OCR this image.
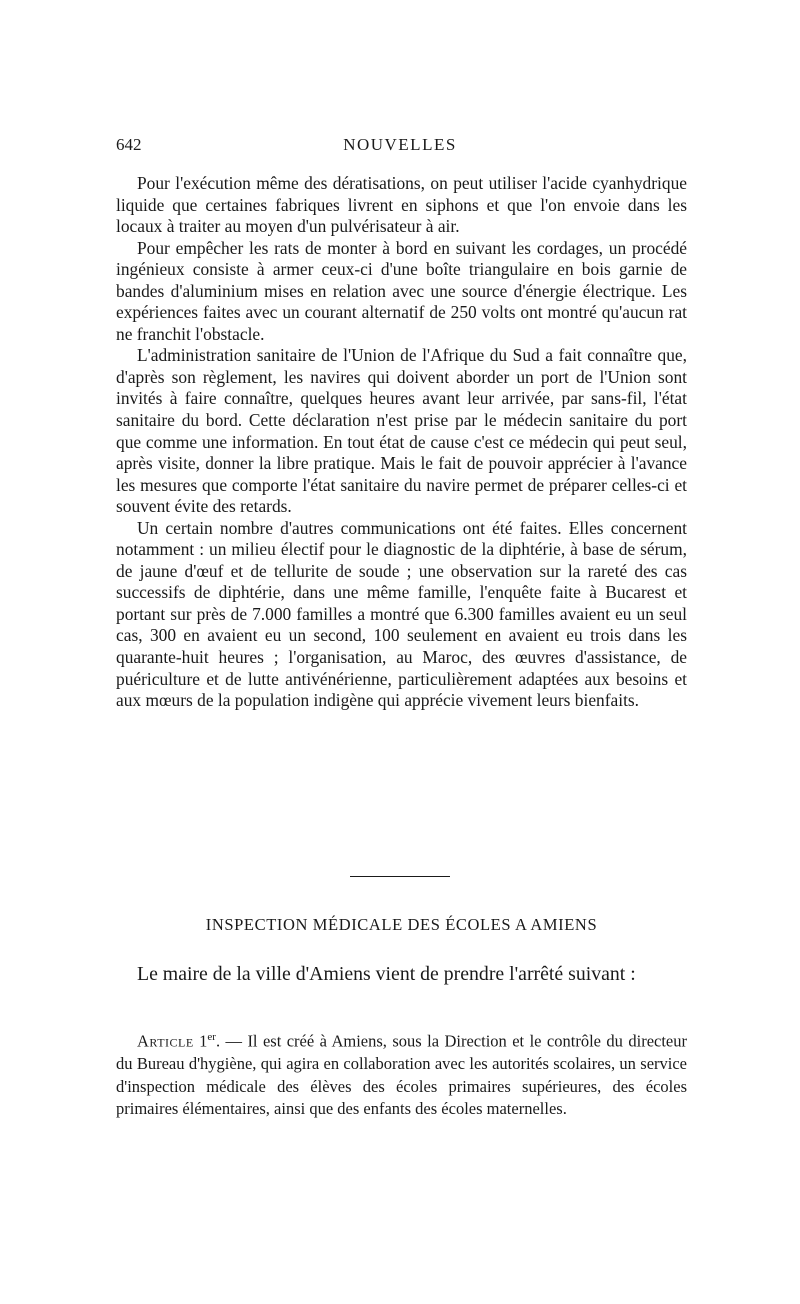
642	NOUVELLES

Pour l'exécution même des dératisations, on peut utiliser l'acide cyanhydrique liquide que certaines fabriques livrent en siphons et que l'on envoie dans les locaux à traiter au moyen d'un pulvérisateur à air.

Pour empêcher les rats de monter à bord en suivant les cordages, un procédé ingénieux consiste à armer ceux-ci d'une boîte triangulaire en bois garnie de bandes d'aluminium mises en relation avec une source d'énergie électrique. Les expériences faites avec un courant alternatif de 250 volts ont montré qu'aucun rat ne franchit l'obstacle.

L'administration sanitaire de l'Union de l'Afrique du Sud a fait connaître que, d'après son règlement, les navires qui doivent aborder un port de l'Union sont invités à faire connaître, quelques heures avant leur arrivée, par sans-fil, l'état sanitaire du bord. Cette déclaration n'est prise par le médecin sanitaire du port que comme une information. En tout état de cause c'est ce médecin qui peut seul, après visite, donner la libre pratique. Mais le fait de pouvoir apprécier à l'avance les mesures que comporte l'état sanitaire du navire permet de préparer celles-ci et souvent évite des retards.

Un certain nombre d'autres communications ont été faites. Elles concernent notamment : un milieu électif pour le diagnostic de la diphtérie, à base de sérum, de jaune d'œuf et de tellurite de soude ; une observation sur la rareté des cas successifs de diphtérie, dans une même famille, l'enquête faite à Bucarest et portant sur près de 7.000 familles a montré que 6.300 familles avaient eu un seul cas, 300 en avaient eu un second, 100 seulement en avaient eu trois dans les quarante-huit heures ; l'organisation, au Maroc, des œuvres d'assistance, de puériculture et de lutte antivénérienne, particulièrement adaptées aux besoins et aux mœurs de la population indigène qui apprécie vivement leurs bienfaits.

INSPECTION MÉDICALE DES ÉCOLES A AMIENS

Le maire de la ville d'Amiens vient de prendre l'arrêté suivant :

Article 1er. — Il est créé à Amiens, sous la Direction et le contrôle du directeur du Bureau d'hygiène, qui agira en collaboration avec les autorités scolaires, un service d'inspection médicale des élèves des écoles primaires supérieures, des écoles primaires élémentaires, ainsi que des enfants des écoles maternelles.
